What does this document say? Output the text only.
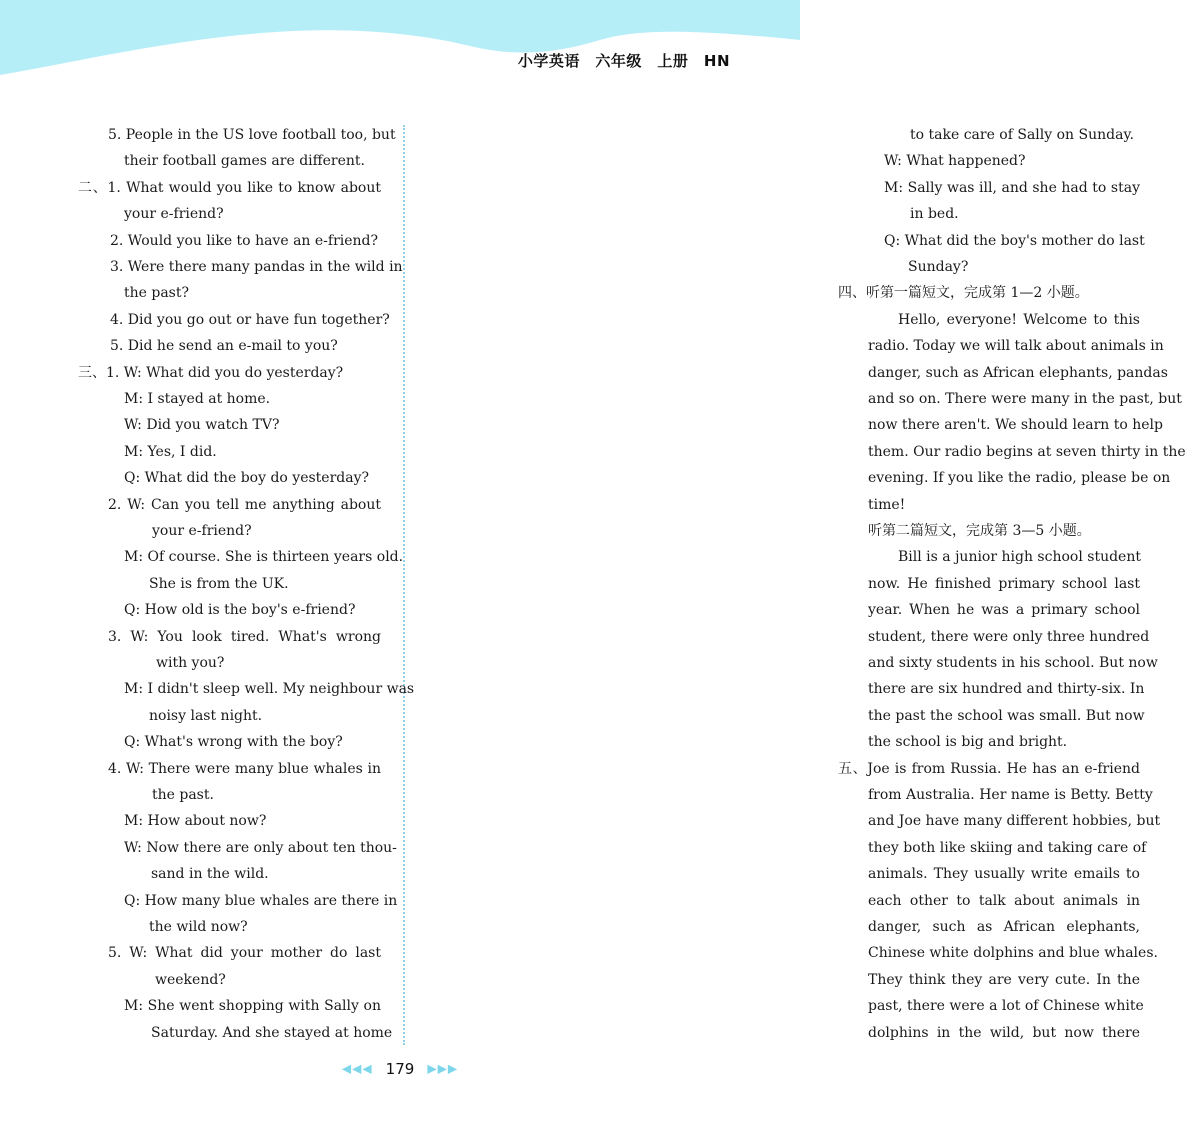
小学英语　六年级　上册　HN
5. People in the US love football too, but
their football games are different.
二、1. What would you like to know about
your e-friend?
2. Would you like to have an e-friend?
3. Were there many pandas in the wild in
the past?
4. Did you go out or have fun together?
5. Did he send an e-mail to you?
三、1. W: What did you do yesterday?
M: I stayed at home.
W: Did you watch TV?
M: Yes, I did.
Q: What did the boy do yesterday?
2. W: Can you tell me anything about
your e-friend?
M: Of course. She is thirteen years old.
She is from the UK.
Q: How old is the boy's e-friend?
3. W: You look tired. What's wrong
with you?
M: I didn't sleep well. My neighbour was
noisy last night.
Q: What's wrong with the boy?
4. W: There were many blue whales in
the past.
M: How about now?
W: Now there are only about ten thou-
sand in the wild.
Q: How many blue whales are there in
the wild now?
5. W: What did your mother do last
weekend?
M: She went shopping with Sally on
Saturday. And she stayed at home
to take care of Sally on Sunday.
W: What happened?
M: Sally was ill, and she had to stay
in bed.
Q: What did the boy's mother do last
Sunday?
四、听第一篇短文，完成第 1—2 小题。
Hello, everyone! Welcome to this
radio. Today we will talk about animals in
danger, such as African elephants, pandas
and so on. There were many in the past, but
now there aren't. We should learn to help
them. Our radio begins at seven thirty in the
evening. If you like the radio, please be on
time!
听第二篇短文，完成第 3—5 小题。
Bill is a junior high school student
now. He finished primary school last
year. When he was a primary school
student, there were only three hundred
and sixty students in his school. But now
there are six hundred and thirty-six. In
the past the school was small. But now
the school is big and bright.
五、Joe is from Russia. He has an e-friend
from Australia. Her name is Betty. Betty
and Joe have many different hobbies, but
they both like skiing and taking care of
animals. They usually write emails to
each other to talk about animals in
danger, such as African elephants,
Chinese white dolphins and blue whales.
They think they are very cute. In the
past, there were a lot of Chinese white
dolphins in the wild, but now there
◀◀◀ 179 ▶▶▶
